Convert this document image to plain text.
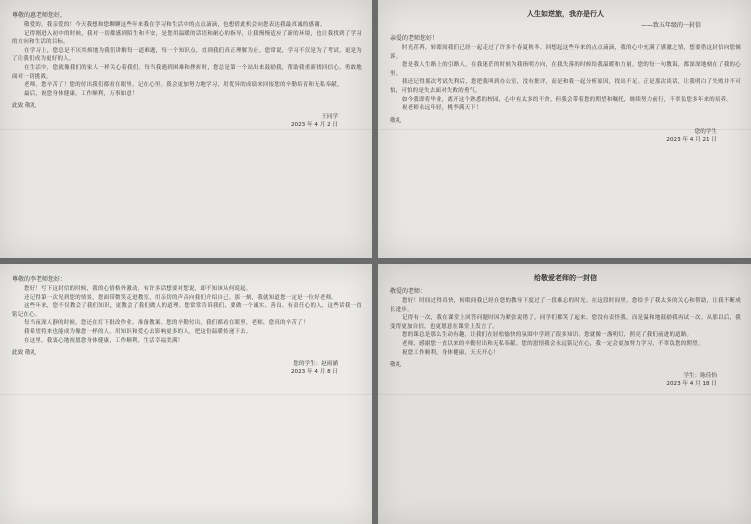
尊敬的惠老师您好，

敬爱的，我亲爱的！今天我想和您聊聊这些年来我在学习和生活中的点点滴滴，也想借此机会向您表达我最真诚的感谢。

记得刚进入初中的时候，我对一切都感到陌生和不安，是您用温暖的话语和耐心的指导，让我慢慢适应了新的环境，也让我找到了学习的方向和生活的目标。

在学习上，您总是不厌其烦地为我们讲解每一道难题，每一个知识点，直到我们真正理解为止。您常说，学习不仅是为了考试，更是为了让我们成为更好的人。

在生活中，您就像我们的家人一样关心着我们。每当我遇到困难和挫折时，您总是第一个站出来鼓励我，帮助我重新找回信心，勇敢地面对一切挑战。

老师，您辛苦了！您的付出我们都看在眼里，记在心里。我会更加努力地学习，用优异的成绩来回报您的辛勤培育和无私奉献。

最后，祝您身体健康，工作顺利，万事如意！

此致 敬礼

王同学
2023 年 4 月 2 日

人生如逆旅，我亦是行人

——致五年级的一封信

亲爱的老师您好！

时光荏苒，转眼间我们已经一起走过了许多个春夏秋冬。回想起这些年来的点点滴滴，我的心中充满了感激之情，想要借这封信向您倾诉。

您是我人生路上的引路人，在我迷茫的时候为我指明方向，在我失落的时候给我温暖和力量。您的每一句教诲，都深深地刻在了我的心里。

我还记得那次考试失利后，您把我叫到办公室，没有批评，而是和我一起分析原因，找出不足。正是那次谈话，让我明白了失败并不可怕，可怕的是失去面对失败的勇气。

如今我即将毕业，离开这个熟悉的校园，心中有太多的不舍。但我会带着您的期望和嘱托，继续努力前行，不辜负您多年来的培养。

祝老师永远年轻，桃李满天下！

敬礼

您的学生
2023 年 4 月 21 日

尊敬的李老师您好：

您好！写下这封信的时候，我的心情格外激动，有许多话想要对您说，却不知该从何说起。

还记得第一次见到您的情景，您面带微笑走进教室，用亲切的声音向我们介绍自己。那一刻，我就知道您一定是一位好老师。

这些年来，您不仅教会了我们知识，更教会了我们做人的道理。您常常告诉我们，要做一个诚实、善良、有责任心的人，这些话我一直铭记在心。

每当夜深人静的时候，您还在灯下批改作业、准备教案。您的辛勤付出，我们都看在眼里。老师，您真的辛苦了！

我希望将来也能成为像您一样的人，用知识和爱心去影响更多的人，把这份温暖传递下去。

在这里，我衷心地祝愿您身体健康，工作顺利，生活幸福美满！

此致 敬礼

您的学生：赵雨涵
2023 年 4 月 8 日

给敬爱老师的一封信

敬爱的老师：

您好！时间过得真快，转眼间我已经在您的教导下度过了一段难忘的时光。在这段时间里，您给予了我太多的关心和帮助，让我不断成长进步。

记得有一次，我在课堂上回答问题时因为紧张说错了，同学们都笑了起来。您没有责怪我，而是温和地鼓励我再试一次。从那以后，我变得更加自信，也更愿意在课堂上发言了。

您的课总是那么生动有趣，让我们在轻松愉快的氛围中学到了很多知识。您就像一盏明灯，照亮了我们前进的道路。

老师，感谢您一直以来的辛勤付出和无私奉献。您的恩情我会永远铭记在心，我一定会更加努力学习，不辜负您的期望。

祝您工作顺利，身体健康，天天开心！

敬礼

学生：陈佳怡
2023 年 4 月 18 日
